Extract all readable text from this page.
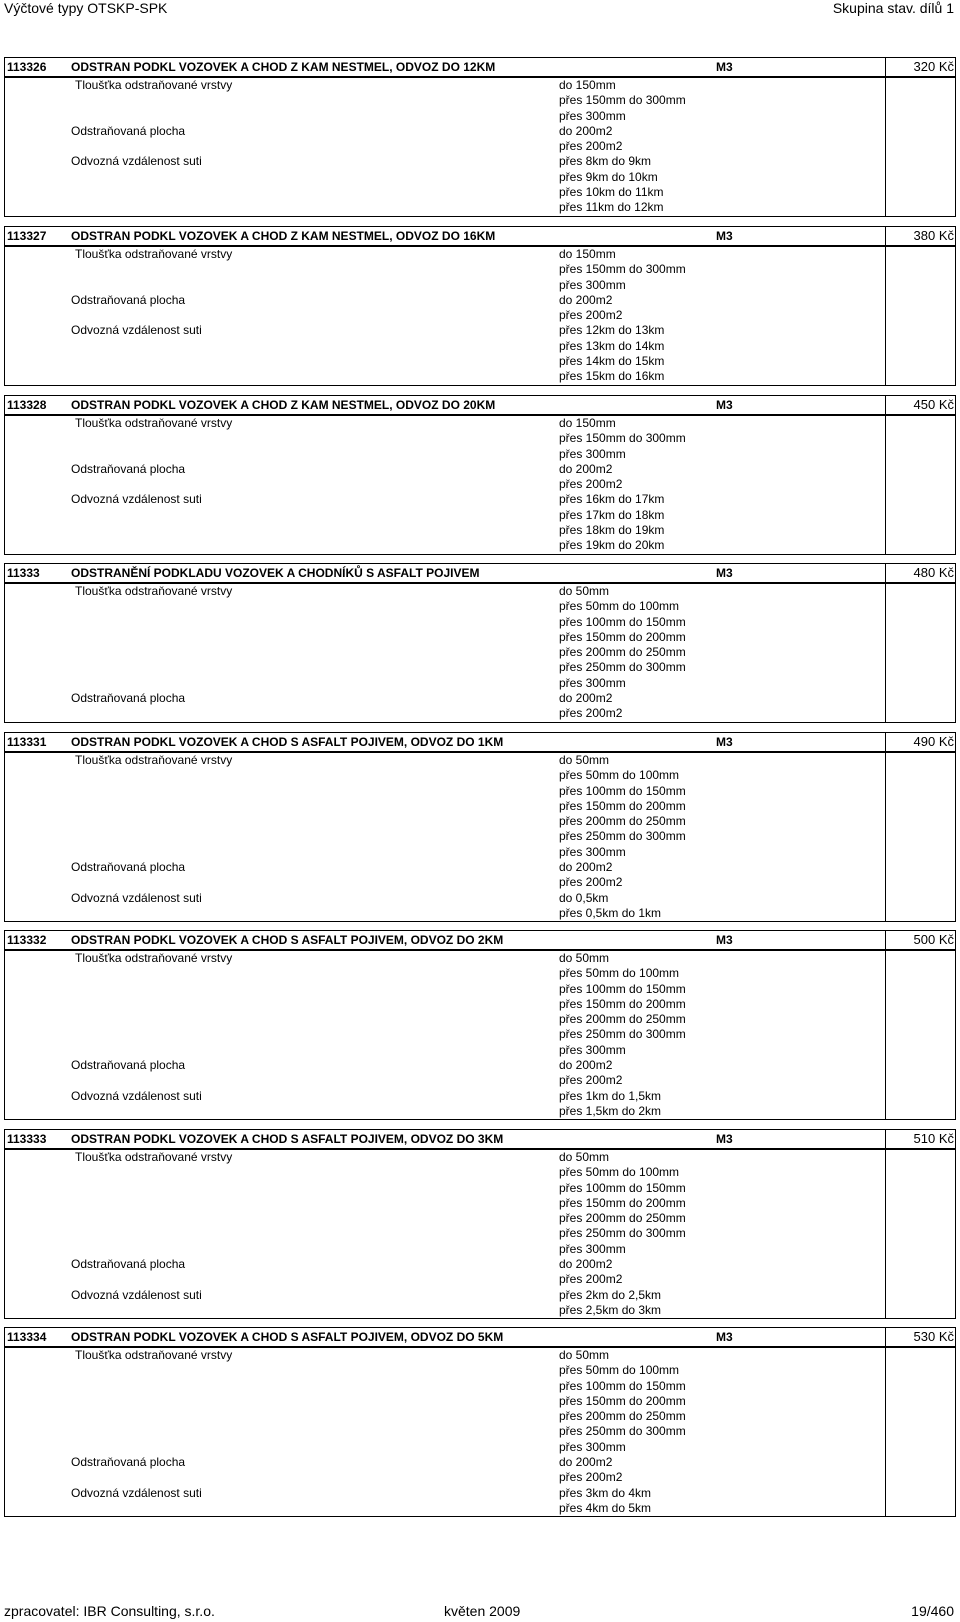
Výčtové typy OTSKP-SPK	Skupina stav. dílů 1
113326 ODSTRAN PODKL VOZOVEK A CHOD Z KAM NESTMEL, ODVOZ DO 12KM	M3	320 Kč
Tloušťka odstraňované vrstvy	do 150mm
přes 150mm do 300mm
přes 300mm
Odstraňovaná plocha	do 200m2
přes 200m2
Odvozná vzdálenost suti	přes 8km do 9km
přes 9km do 10km
přes 10km do 11km
přes 11km do 12km
113327 ODSTRAN PODKL VOZOVEK A CHOD Z KAM NESTMEL, ODVOZ DO 16KM	M3	380 Kč
Tloušťka odstraňované vrstvy	do 150mm
přes 150mm do 300mm
přes 300mm
Odstraňovaná plocha	do 200m2
přes 200m2
Odvozná vzdálenost suti	přes 12km do 13km
přes 13km do 14km
přes 14km do 15km
přes 15km do 16km
113328 ODSTRAN PODKL VOZOVEK A CHOD Z KAM NESTMEL, ODVOZ DO 20KM	M3	450 Kč
Tloušťka odstraňované vrstvy	do 150mm
přes 150mm do 300mm
přes 300mm
Odstraňovaná plocha	do 200m2
přes 200m2
Odvozná vzdálenost suti	přes 16km do 17km
přes 17km do 18km
přes 18km do 19km
přes 19km do 20km
11333	ODSTRANĚNÍ PODKLADU VOZOVEK A CHODNÍKŮ S ASFALT POJIVEM	M3	480 Kč
Tloušťka odstraňované vrstvy	do 50mm
přes 50mm do 100mm
přes 100mm do 150mm
přes 150mm do 200mm
přes 200mm do 250mm
přes 250mm do 300mm
přes 300mm
Odstraňovaná plocha	do 200m2
přes 200m2
113331 ODSTRAN PODKL VOZOVEK A CHOD S ASFALT POJIVEM, ODVOZ DO 1KM	M3	490 Kč
Tloušťka odstraňované vrstvy	do 50mm
přes 50mm do 100mm
přes 100mm do 150mm
přes 150mm do 200mm
přes 200mm do 250mm
přes 250mm do 300mm
přes 300mm
Odstraňovaná plocha	do 200m2
přes 200m2
Odvozná vzdálenost suti	do 0,5km
přes 0,5km do 1km
113332 ODSTRAN PODKL VOZOVEK A CHOD S ASFALT POJIVEM, ODVOZ DO 2KM	M3	500 Kč
Tloušťka odstraňované vrstvy	do 50mm
přes 50mm do 100mm
přes 100mm do 150mm
přes 150mm do 200mm
přes 200mm do 250mm
přes 250mm do 300mm
přes 300mm
Odstraňovaná plocha	do 200m2
přes 200m2
Odvozná vzdálenost suti	přes 1km do 1,5km
přes 1,5km do 2km
113333 ODSTRAN PODKL VOZOVEK A CHOD S ASFALT POJIVEM, ODVOZ DO 3KM	M3	510 Kč
Tloušťka odstraňované vrstvy	do 50mm
přes 50mm do 100mm
přes 100mm do 150mm
přes 150mm do 200mm
přes 200mm do 250mm
přes 250mm do 300mm
přes 300mm
Odstraňovaná plocha	do 200m2
přes 200m2
Odvozná vzdálenost suti	přes 2km do 2,5km
přes 2,5km do 3km
113334 ODSTRAN PODKL VOZOVEK A CHOD S ASFALT POJIVEM, ODVOZ DO 5KM	M3	530 Kč
Tloušťka odstraňované vrstvy	do 50mm
přes 50mm do 100mm
přes 100mm do 150mm
přes 150mm do 200mm
přes 200mm do 250mm
přes 250mm do 300mm
přes 300mm
Odstraňovaná plocha	do 200m2
přes 200m2
Odvozná vzdálenost suti	přes 3km do 4km
přes 4km do 5km
zpracovatel: IBR Consulting, s.r.o.	květen 2009	19/460
